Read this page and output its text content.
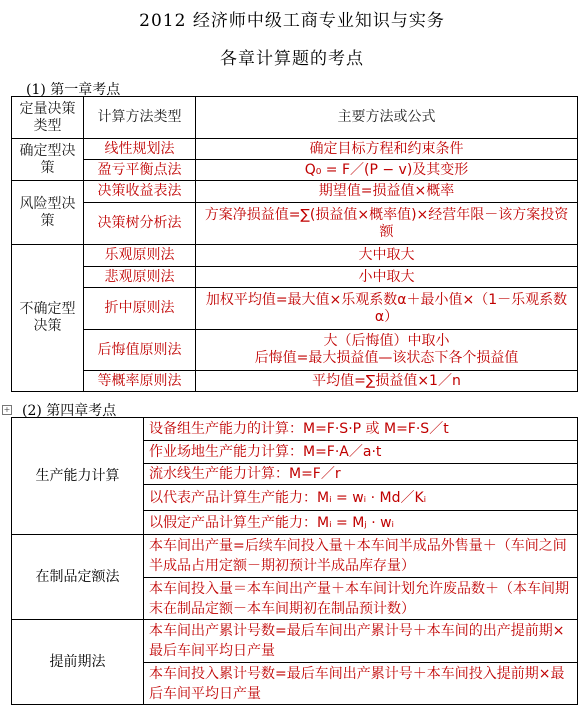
2012 经济师中级工商专业知识与实务
各章计算题的考点
(1) 第一章考点
定量决策类型	计算方法类型	主要方法或公式
确定型决策	线性规划法	确定目标方程和约束条件
	盈亏平衡点法	Q₀ = F／(P − v)及其变形
风险型决策	决策收益表法	期望值=损益值×概率
	决策树分析法	方案净损益值=∑(损益值×概率值)×经营年限－该方案投资额
不确定型决策	乐观原则法	大中取大
	悲观原则法	小中取大
	折中原则法	加权平均值=最大值×乐观系数α＋最小值×（1－乐观系数α）
	后悔值原则法	大（后悔值）中取小
后悔值=最大损益值—该状态下各个损益值

	等概率原则法	平均值=∑损益值×1／n
+ (2) 第四章考点
生产能力计算	设备组生产能力的计算：M=F·S·P 或 M=F·S／t
	作业场地生产能力计算：M=F·A／a·t
	流水线生产能力计算：M=F／r
	以代表产品计算生产能力：Mᵢ = wᵢ · Md／Kᵢ
	以假定产品计算生产能力：Mᵢ = Mⱼ · wᵢ
在制品定额法	本车间出产量=后续车间投入量＋本车间半成品外售量＋（车间之间半成品占用定额－期初预计半成品库存量）
	本车间投入量＝本车间出产量＋本车间计划允许废品数＋（本车间期末在制品定额－本车间期初在制品预计数）
提前期法	本车间出产累计号数=最后车间出产累计号＋本车间的出产提前期×最后车间平均日产量
	本车间投入累计号数=最后车间出产累计号＋本车间投入提前期×最后车间平均日产量
